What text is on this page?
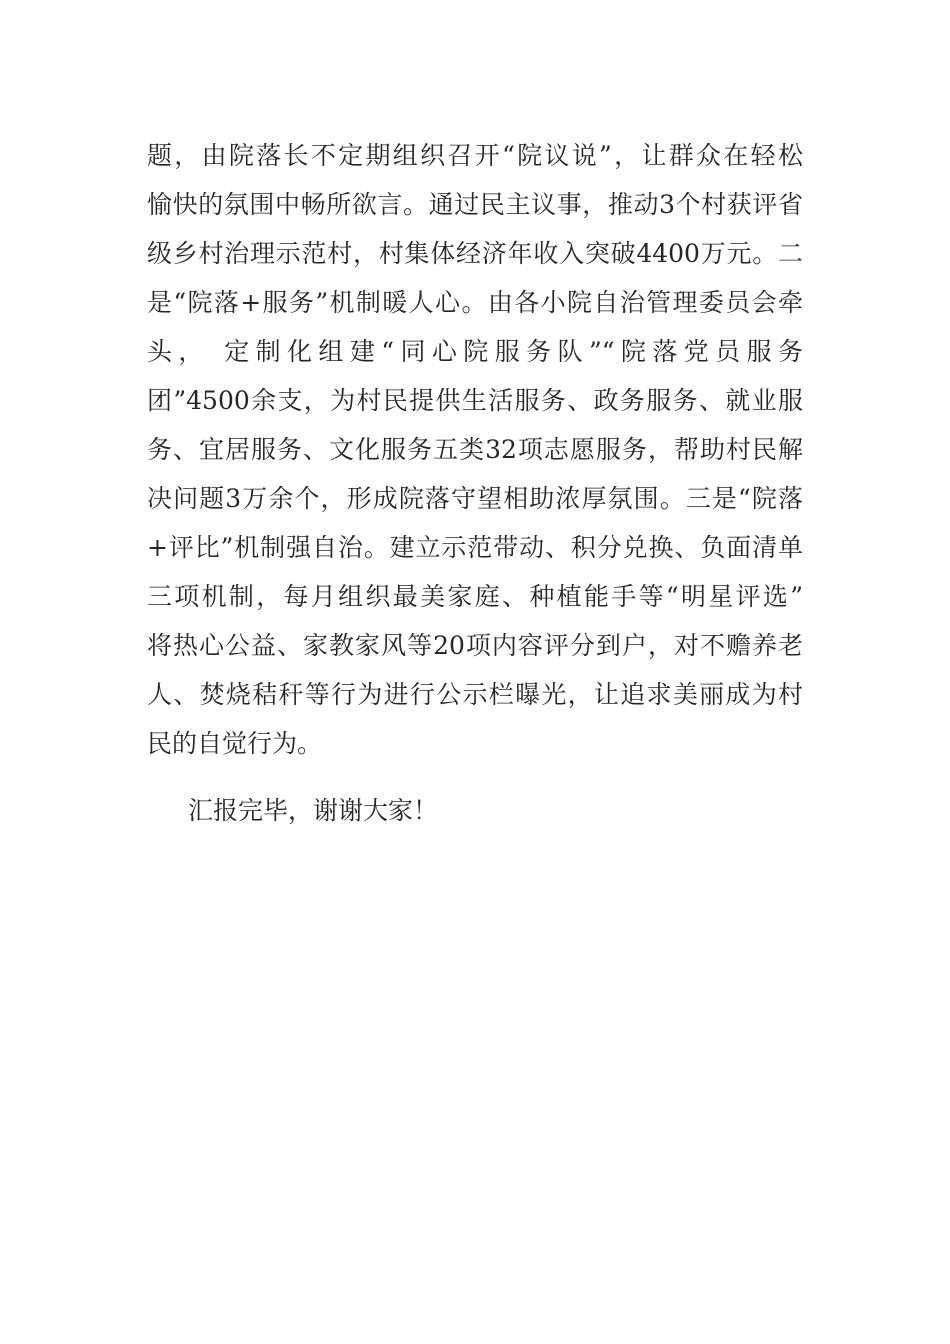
题，由院落长不定期组织召开“院议说”，让群众在轻松
愉快的氛围中畅所欲言。通过民主议事，推动3个村获评省
级乡村治理示范村，村集体经济年收入突破4400万元。二
是“院落+服务”机制暖人心。由各小院自治管理委员会牵
头， 定制化组建“同心院服务队”“院落党员服务
团”4500余支，为村民提供生活服务、政务服务、就业服
务、宜居服务、文化服务五类32项志愿服务，帮助村民解
决问题3万余个，形成院落守望相助浓厚氛围。三是“院落
+评比”机制强自治。建立示范带动、积分兑换、负面清单
三项机制，每月组织最美家庭、种植能手等“明星评选”
将热心公益、家教家风等20项内容评分到户，对不赡养老
人、焚烧秸秆等行为进行公示栏曝光，让追求美丽成为村
民的自觉行为。
汇报完毕，谢谢大家！
